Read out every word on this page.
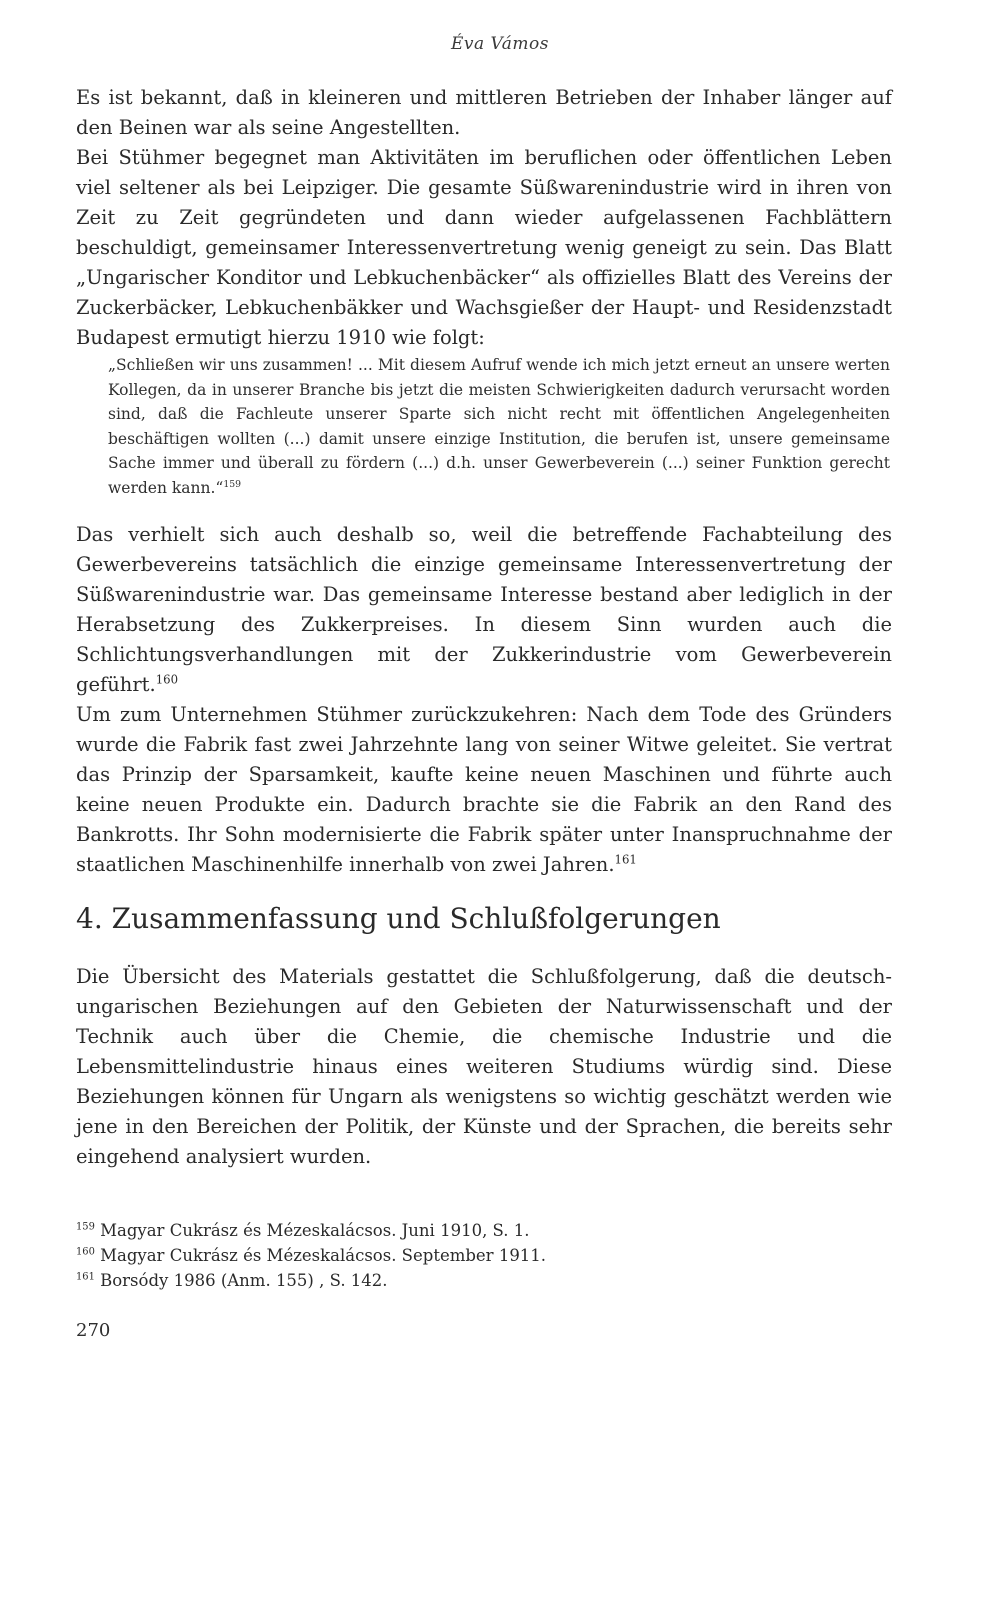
Éva Vámos

Es ist bekannt, daß in kleineren und mittleren Betrieben der Inhaber länger auf den Beinen war als seine Angestellten.

Bei Stühmer begegnet man Aktivitäten im beruflichen oder öffentlichen Leben viel seltener als bei Leipziger. Die gesamte Süßwarenindustrie wird in ihren von Zeit zu Zeit gegründeten und dann wieder aufgelassenen Fachblättern beschuldigt, gemeinsamer Interessenvertretung wenig geneigt zu sein. Das Blatt „Ungarischer Konditor und Lebkuchenbäcker“ als offizielles Blatt des Vereins der Zuckerbäcker, Lebkuchenbäkker und Wachsgießer der Haupt- und Residenzstadt Budapest ermutigt hierzu 1910 wie folgt:

„Schließen wir uns zusammen! ... Mit diesem Aufruf wende ich mich jetzt erneut an unsere werten Kollegen, da in unserer Branche bis jetzt die meisten Schwierigkeiten dadurch verursacht worden sind, daß die Fachleute unserer Sparte sich nicht recht mit öffentlichen Angelegenheiten beschäftigen wollten (...) damit unsere einzige Institution, die berufen ist, unsere gemeinsame Sache immer und überall zu fördern (...) d.h. unser Gewerbeverein (...) seiner Funktion gerecht werden kann.“$^{159}$

Das verhielt sich auch deshalb so, weil die betreffende Fachabteilung des Gewerbevereins tatsächlich die einzige gemeinsame Interessenvertretung der Süßwarenindustrie war. Das gemeinsame Interesse bestand aber lediglich in der Herabsetzung des Zukkerpreises. In diesem Sinn wurden auch die Schlichtungsverhandlungen mit der Zukkerindustrie vom Gewerbeverein geführt.$^{160}$

Um zum Unternehmen Stühmer zurückzukehren: Nach dem Tode des Gründers wurde die Fabrik fast zwei Jahrzehnte lang von seiner Witwe geleitet. Sie vertrat das Prinzip der Sparsamkeit, kaufte keine neuen Maschinen und führte auch keine neuen Produkte ein. Dadurch brachte sie die Fabrik an den Rand des Bankrotts. Ihr Sohn modernisierte die Fabrik später unter Inanspruchnahme der staatlichen Maschinenhilfe innerhalb von zwei Jahren.$^{161}$

4. Zusammenfassung und Schlußfolgerungen

Die Übersicht des Materials gestattet die Schlußfolgerung, daß die deutsch-ungarischen Beziehungen auf den Gebieten der Naturwissenschaft und der Technik auch über die Chemie, die chemische Industrie und die Lebensmittelindustrie hinaus eines weiteren Studiums würdig sind. Diese Beziehungen können für Ungarn als wenigstens so wichtig geschätzt werden wie jene in den Bereichen der Politik, der Künste und der Sprachen, die bereits sehr eingehend analysiert wurden.

$^{159}$ Magyar Cukrász és Mézeskalácsos. Juni 1910, S. 1.
$^{160}$ Magyar Cukrász és Mézeskalácsos. September 1911.
$^{161}$ Borsódy 1986 (Anm. 155) , S. 142.
270
